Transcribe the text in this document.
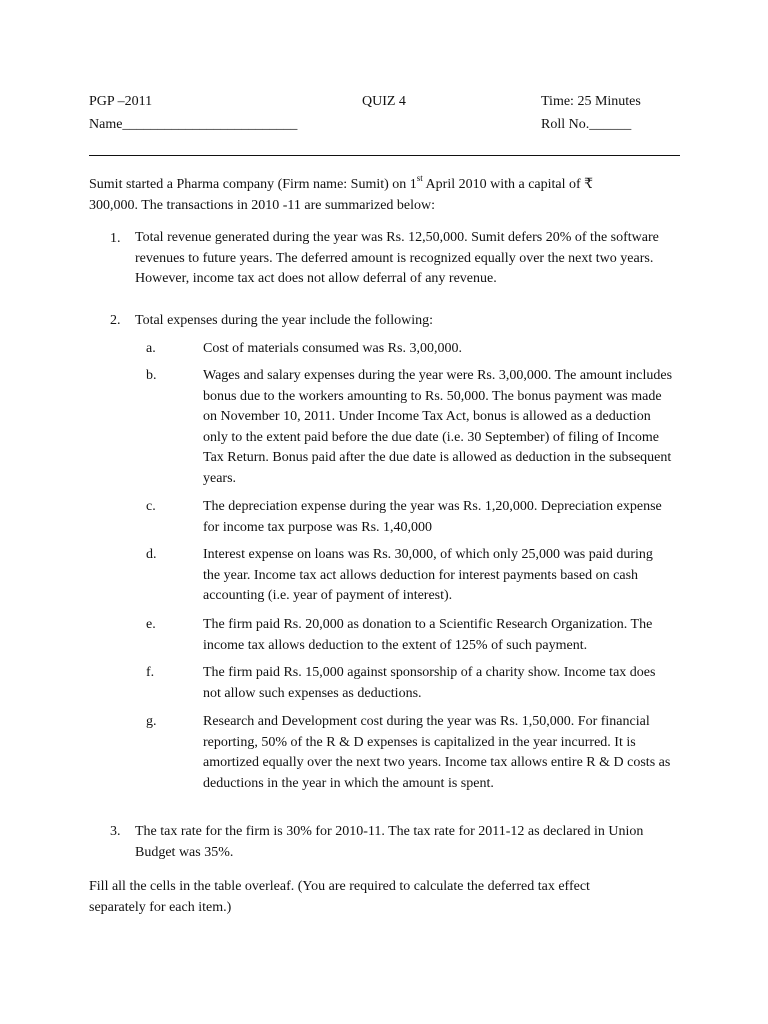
PGP –2011	QUIZ 4	Time: 25 Minutes
Name_________________________	Roll No.______
Sumit started a Pharma company (Firm name: Sumit) on 1st April 2010 with a capital of ₹
300,000. The transactions in 2010 -11 are summarized below:
1. Total revenue generated during the year was Rs. 12,50,000. Sumit defers 20% of the software revenues to future years. The deferred amount is recognized equally over the next two years. However, income tax act does not allow deferral of any revenue.
2. Total expenses during the year include the following:
a.	Cost of materials consumed was Rs. 3,00,000.
b.	Wages and salary expenses during the year were Rs. 3,00,000. The amount includes bonus due to the workers amounting to Rs. 50,000. The bonus payment was made on November 10, 2011. Under Income Tax Act, bonus is allowed as a deduction only to the extent paid before the due date (i.e. 30 September) of filing of Income Tax Return. Bonus paid after the due date is allowed as deduction in the subsequent years.
c.	The depreciation expense during the year was Rs. 1,20,000. Depreciation expense for income tax purpose was Rs. 1,40,000
d.	Interest expense on loans was Rs. 30,000, of which only 25,000 was paid during the year. Income tax act allows deduction for interest payments based on cash accounting (i.e. year of payment of interest).
e.	The firm paid Rs. 20,000 as donation to a Scientific Research Organization. The income tax allows deduction to the extent of 125% of such payment.
f.	The firm paid Rs. 15,000 against sponsorship of a charity show. Income tax does not allow such expenses as deductions.
g.	Research and Development cost during the year was Rs. 1,50,000. For financial reporting, 50% of the R & D expenses is capitalized in the year incurred. It is amortized equally over the next two years. Income tax allows entire R & D costs as deductions in the year in which the amount is spent.
3. The tax rate for the firm is 30% for 2010-11. The tax rate for 2011-12 as declared in Union Budget was 35%.
Fill all the cells in the table overleaf. (You are required to calculate the deferred tax effect separately for each item.)
